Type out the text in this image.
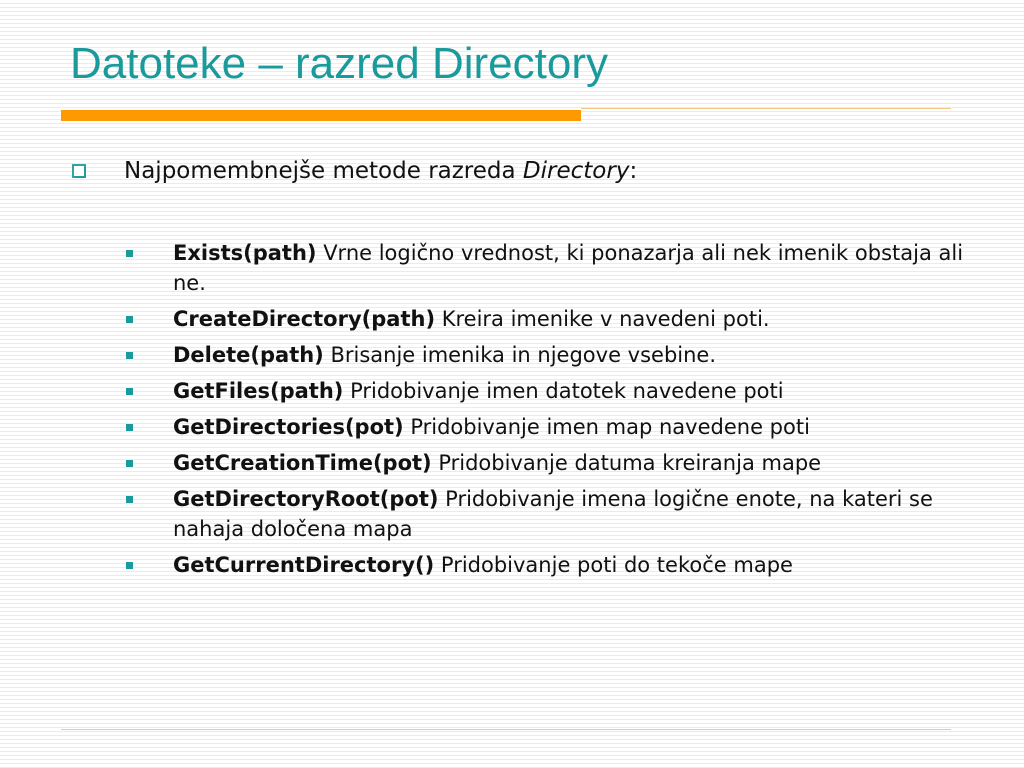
Datoteke – razred Directory
Najpomembnejše metode razreda Directory:
Exists(path) Vrne logično vrednost, ki ponazarja ali nek imenik obstaja ali ne.
CreateDirectory(path) Kreira imenike v navedeni poti.
Delete(path) Brisanje imenika in njegove vsebine.
GetFiles(path) Pridobivanje imen datotek navedene poti
GetDirectories(pot) Pridobivanje imen map navedene poti
GetCreationTime(pot) Pridobivanje datuma kreiranja mape
GetDirectoryRoot(pot) Pridobivanje imena logične enote, na kateri se nahaja določena mapa
GetCurrentDirectory() Pridobivanje poti do tekoče mape
